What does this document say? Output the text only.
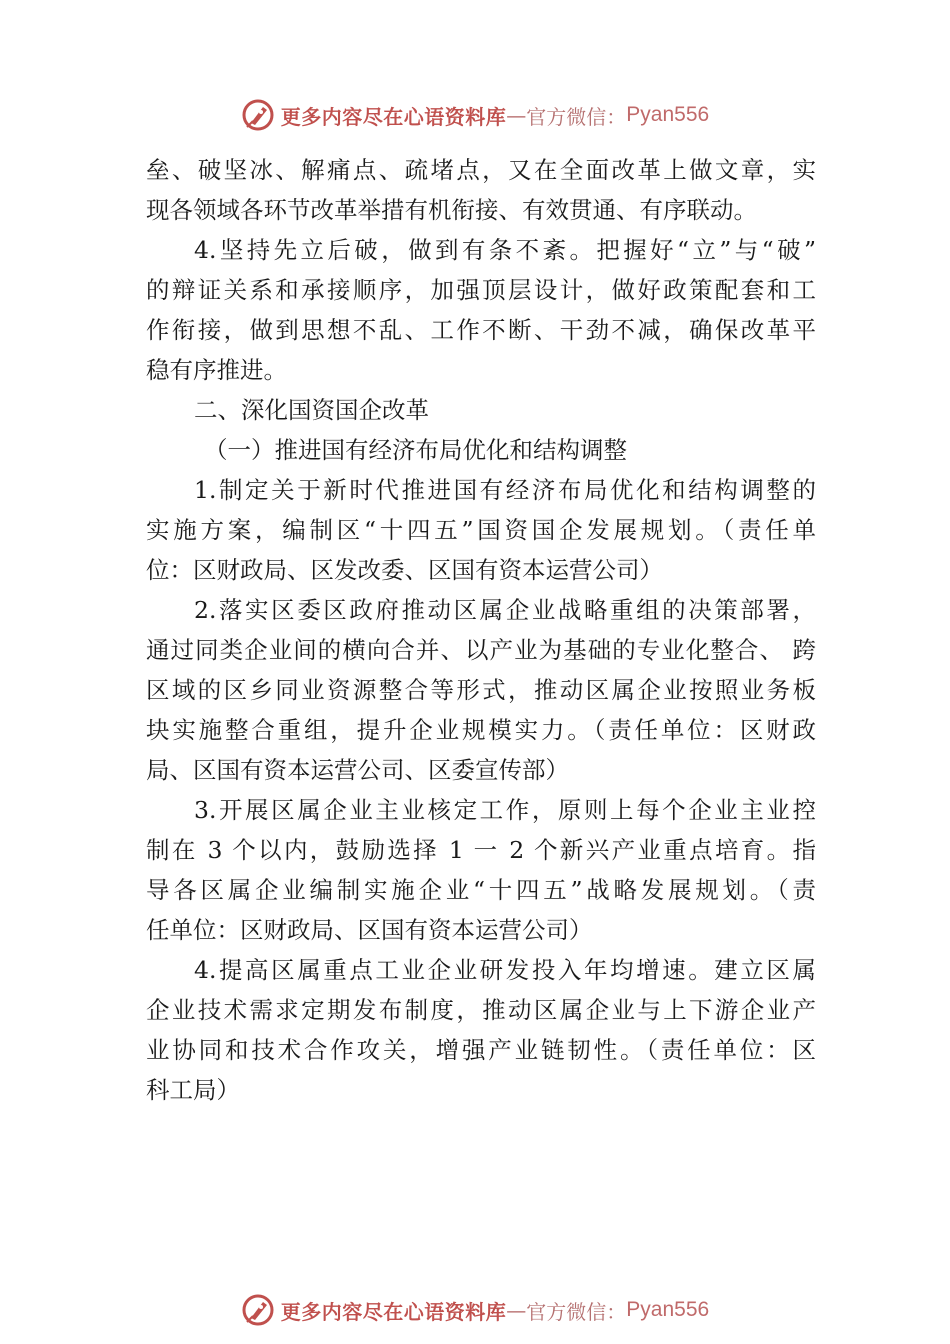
更多内容尽在心语资料库 — 官方微信： Pyan556
垒、破坚冰、解痛点、疏堵点，又在全面改革上做文章，实
现各领域各环节改革举措有机衔接、有效贯通、有序联动。
4.坚持先立后破，做到有条不紊。把握好“立”与“破”
的辩证关系和承接顺序，加强顶层设计，做好政策配套和工
作衔接，做到思想不乱、工作不断、干劲不减，确保改革平
稳有序推进。
二、深化国资国企改革
（一）推进国有经济布局优化和结构调整
1.制定关于新时代推进国有经济布局优化和结构调整的
实施方案，编制区“十四五”国资国企发展规划。（责任单
位：区财政局、区发改委、区国有资本运营公司）
2.落实区委区政府推动区属企业战略重组的决策部署，
通过同类企业间的横向合并、以产业为基础的专业化整合、 跨
区域的区乡同业资源整合等形式，推动区属企业按照业务板
块实施整合重组，提升企业规模实力。（责任单位：区财政
局、区国有资本运营公司、区委宣传部）
3.开展区属企业主业核定工作，原则上每个企业主业控
制在 3 个以内，鼓励选择 1 一 2 个新兴产业重点培育。指
导各区属企业编制实施企业“十四五”战略发展规划。（责
任单位：区财政局、区国有资本运营公司）
4.提高区属重点工业企业研发投入年均增速。建立区属
企业技术需求定期发布制度，推动区属企业与上下游企业产
业协同和技术合作攻关，增强产业链韧性。（责任单位：区
科工局）
更多内容尽在心语资料库 — 官方微信： Pyan556
